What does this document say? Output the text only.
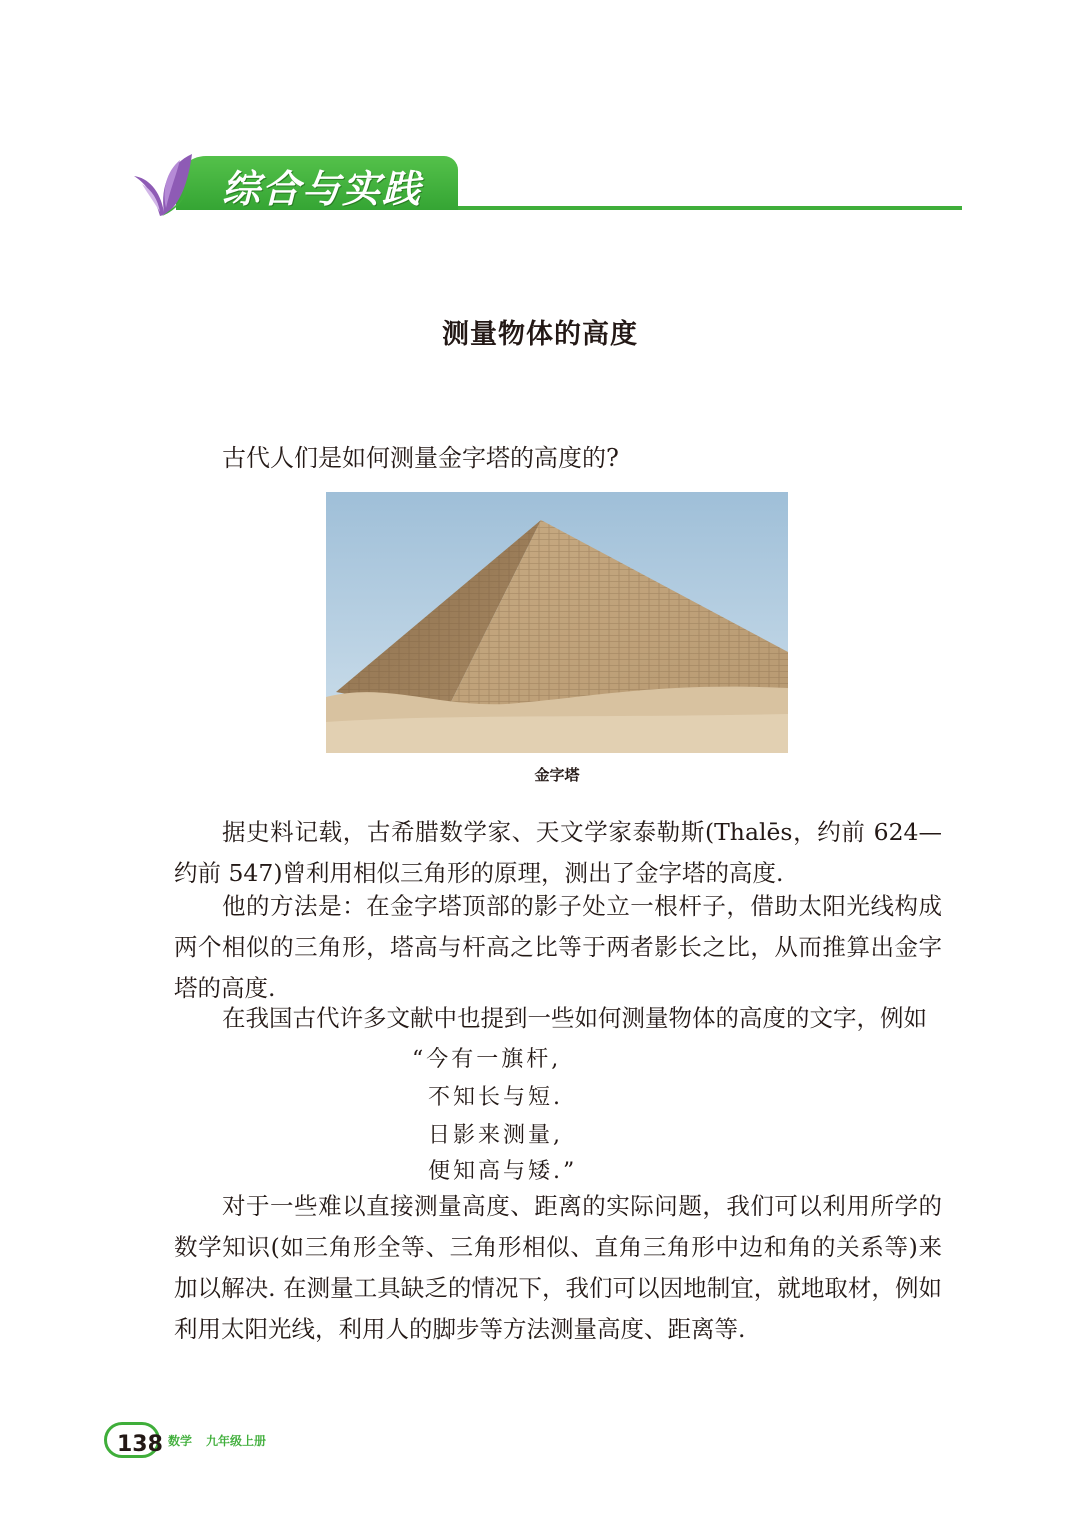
综合与实践
测量物体的高度
古代人们是如何测量金字塔的高度的?
金字塔

据史料记载，古希腊数学家、天文学家泰勒斯(Thalēs，约前 624—约前 547)曾利用相似三角形的原理，测出了金字塔的高度.

他的方法是：在金字塔顶部的影子处立一根杆子，借助太阳光线构成两个相似的三角形，塔高与杆高之比等于两者影长之比，从而推算出金字塔的高度.

在我国古代许多文献中也提到一些如何测量物体的高度的文字，例如

“今有一旗杆,
不知长与短.
日影来测量,
便知高与矮.”

对于一些难以直接测量高度、距离的实际问题，我们可以利用所学的数学知识(如三角形全等、三角形相似、直角三角形中边和角的关系等)来加以解决. 在测量工具缺乏的情况下，我们可以因地制宜，就地取材，例如利用太阳光线，利用人的脚步等方法测量高度、距离等.

138 数学 九年级上册
